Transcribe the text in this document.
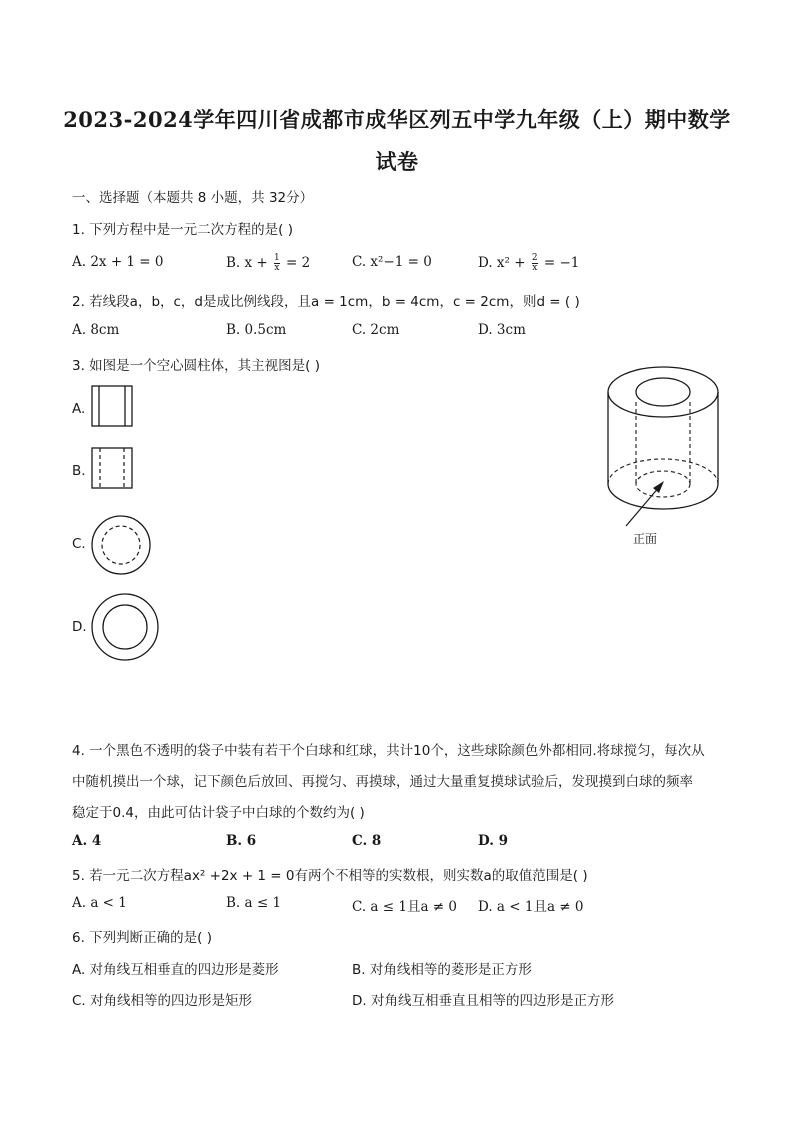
2023-2024学年四川省成都市成华区列五中学九年级（上）期中数学
试卷
一、选择题（本题共 8 小题，共 32分）
1. 下列方程中是一元二次方程的是( )
A. 2x + 1 = 0	B. $x + \frac{1}{x} = 2$	C. x²−1 = 0	D. $x^2 + \frac{2}{x} = -1$
2. 若线段a，b，c，d是成比例线段，且a = 1cm，b = 4cm，c = 2cm，则d = ( )
A. 8cm	B. 0.5cm	C. 2cm	D. 3cm
3. 如图是一个空心圆柱体，其主视图是( )
A.
B.
C.
D.
正面
4. 一个黑色不透明的袋子中装有若干个白球和红球，共计10个，这些球除颜色外都相同.将球搅匀，每次从
中随机摸出一个球，记下颜色后放回、再搅匀、再摸球，通过大量重复摸球试验后，发现摸到白球的频率
稳定于0.4，由此可估计袋子中白球的个数约为( )
A. 4	B. 6	C. 8	D. 9
5. 若一元二次方程ax² +2x + 1 = 0有两个不相等的实数根，则实数a的取值范围是( )
A. a < 1	B. a ≤ 1	C. a ≤ 1且a ≠ 0 D. a < 1且a ≠ 0
6. 下列判断正确的是( )
A. 对角线互相垂直的四边形是菱形	B. 对角线相等的菱形是正方形
C. 对角线相等的四边形是矩形	D. 对角线互相垂直且相等的四边形是正方形
